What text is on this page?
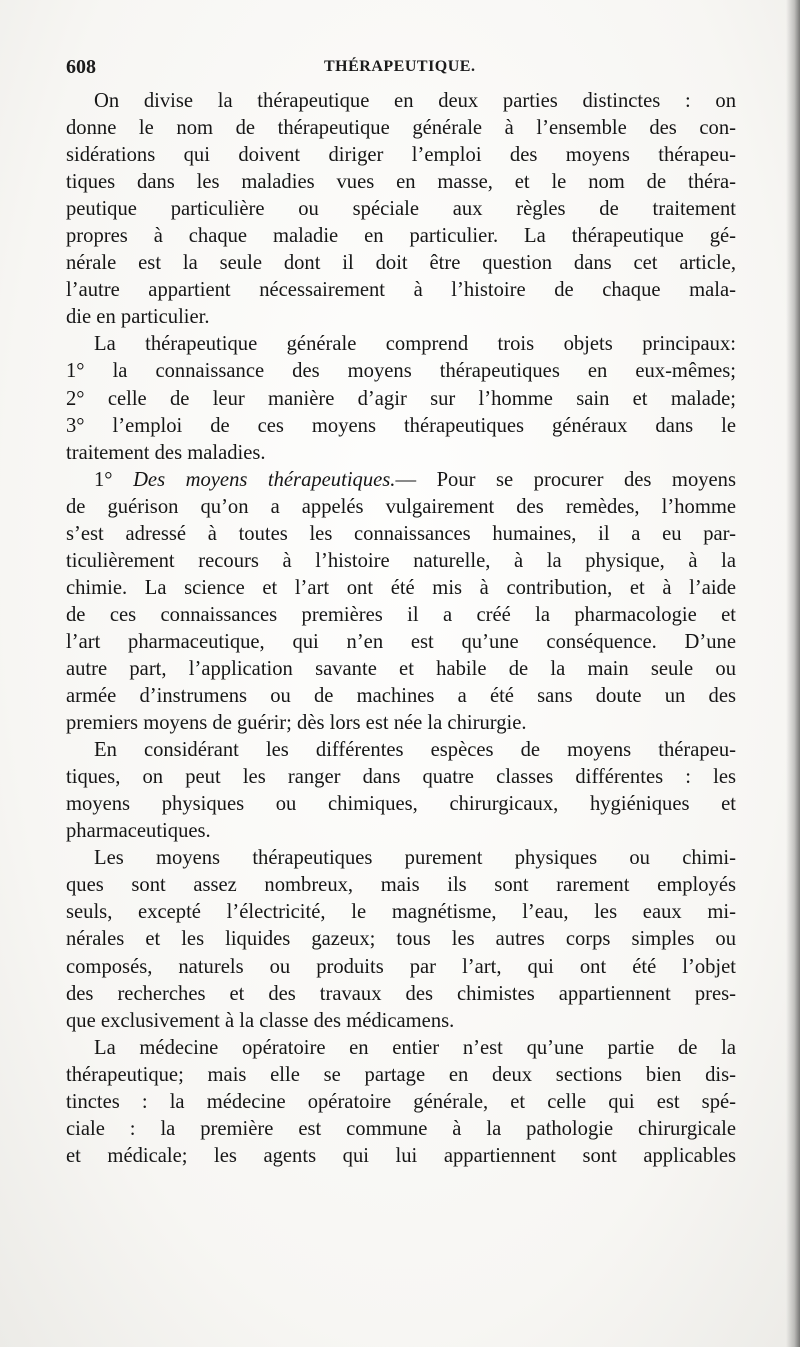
608	THÉRAPEUTIQUE.
On divise la thérapeutique en deux parties distinctes : on
donne le nom de thérapeutique générale à l’ensemble des con-
sidérations qui doivent diriger l’emploi des moyens thérapeu-
tiques dans les maladies vues en masse, et le nom de théra-
peutique particulière ou spéciale aux règles de traitement
propres à chaque maladie en particulier. La thérapeutique gé-
nérale est la seule dont il doit être question dans cet article,
l’autre appartient nécessairement à l’histoire de chaque mala-
die en particulier.
La thérapeutique générale comprend trois objets principaux:
1° la connaissance des moyens thérapeutiques en eux-mêmes;
2° celle de leur manière d’agir sur l’homme sain et malade;
3° l’emploi de ces moyens thérapeutiques généraux dans le
traitement des maladies.
1° Des moyens thérapeutiques.— Pour se procurer des moyens
de guérison qu’on a appelés vulgairement des remèdes, l’homme
s’est adressé à toutes les connaissances humaines, il a eu par-
ticulièrement recours à l’histoire naturelle, à la physique, à la
chimie. La science et l’art ont été mis à contribution, et à l’aide
de ces connaissances premières il a créé la pharmacologie et
l’art pharmaceutique, qui n’en est qu’une conséquence. D’une
autre part, l’application savante et habile de la main seule ou
armée d’instrumens ou de machines a été sans doute un des
premiers moyens de guérir; dès lors est née la chirurgie.
En considérant les différentes espèces de moyens thérapeu-
tiques, on peut les ranger dans quatre classes différentes : les
moyens physiques ou chimiques, chirurgicaux, hygiéniques et
pharmaceutiques.
Les moyens thérapeutiques purement physiques ou chimi-
ques sont assez nombreux, mais ils sont rarement employés
seuls, excepté l’électricité, le magnétisme, l’eau, les eaux mi-
nérales et les liquides gazeux; tous les autres corps simples ou
composés, naturels ou produits par l’art, qui ont été l’objet
des recherches et des travaux des chimistes appartiennent pres-
que exclusivement à la classe des médicamens.
La médecine opératoire en entier n’est qu’une partie de la
thérapeutique; mais elle se partage en deux sections bien dis-
tinctes : la médecine opératoire générale, et celle qui est spé-
ciale : la première est commune à la pathologie chirurgicale
et médicale; les agents qui lui appartiennent sont applicables
